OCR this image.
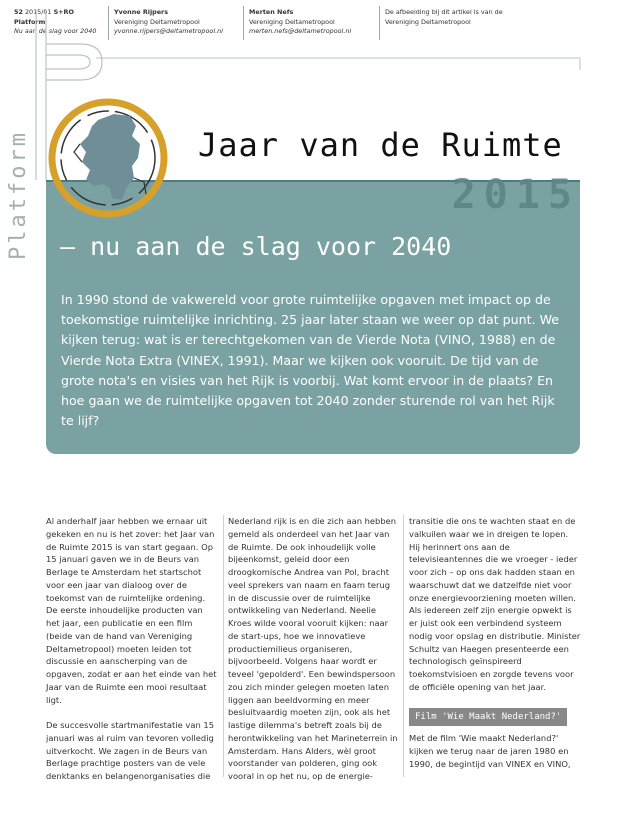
52 2015/01 S+RO
Platform
Nu aan de slag voor 2040
Yvonne Rijpers
Vereniging Deltametropool
yvonne.rijpers@deltametropool.nl
Merten Nefs
Vereniging Deltametropool
merten.nefs@deltametropool.nl
De afbeelding bij dit artikel is van de Vereniging Deltametropool
Platform	2015
Jaar van de Ruimte
– nu aan de slag voor 2040
In 1990 stond de vakwereld voor grote ruimtelijke opgaven met impact op de toekomstige ruimtelijke inrichting. 25 jaar later staan we weer op dat punt. We kijken terug: wat is er terechtgekomen van de Vierde Nota (VINO, 1988) en de Vierde Nota Extra (VINEX, 1991). Maar we kijken ook vooruit. De tijd van de grote nota's en visies van het Rijk is voorbij. Wat komt ervoor in de plaats? En hoe gaan we de ruimtelijke opgaven tot 2040 zonder sturende rol van het Rijk te lijf?

Al anderhalf jaar hebben we ernaar uit gekeken en nu is het zover: het Jaar van de Ruimte 2015 is van start gegaan. Op 15 januari gaven we in de Beurs van Berlage te Amsterdam het startschot voor een jaar van dialoog over de toekomst van de ruimtelijke ordening. De eerste inhoudelijke producten van het jaar, een publicatie en een film (beide van de hand van Vereniging Deltametropool) moeten leiden tot discussie en aanscherping van de opgaven, zodat er aan het einde van het Jaar van de Ruimte een mooi resultaat ligt.

De succesvolle startmanifestatie van 15 januari was al ruim van tevoren volledig uitverkocht. We zagen in de Beurs van Berlage prachtige posters van de vele denktanks en belangenorganisaties die

Nederland rijk is en die zich aan hebben gemeld als onderdeel van het Jaar van de Ruimte. De ook inhoudelijk volle bijeenkomst, geleid door een droogkomische Andrea van Pol, bracht veel sprekers van naam en faam terug in de discussie over de ruimtelijke ontwikkeling van Nederland. Neelie Kroes wilde vooral vooruit kijken: naar de start-ups, hoe we innovatieve productiemilieus organiseren, bijvoorbeeld. Volgens haar wordt er teveel 'gepolderd'. Een bewindspersoon zou zich minder gelegen moeten laten liggen aan beeldvorming en meer besluitvaardig moeten zijn, ook als het lastige dilemma's betreft zoals bij de herontwikkeling van het Marineterrein in Amsterdam. Hans Alders, wèl groot voorstander van polderen, ging ook vooral in op het nu, op de energie-

transitie die ons te wachten staat en de valkuilen waar we in dreigen te lopen. Hij herinnert ons aan de televisieantennes die we vroeger - ieder voor zich – op ons dak hadden staan en waarschuwt dat we datzelfde niet voor onze energievoorziening moeten willen. Als iedereen zelf zijn energie opwekt is er juist ook een verbindend systeem nodig voor opslag en distributie. Minister Schultz van Haegen presenteerde een technologisch geïnspireerd toekomstvisioen en zorgde tevens voor de officiële opening van het jaar.

Film 'Wie Maakt Nederland?'

Met de film 'Wie maakt Nederland?' kijken we terug naar de jaren 1980 en 1990, de begintijd van VINEX en VINO,
